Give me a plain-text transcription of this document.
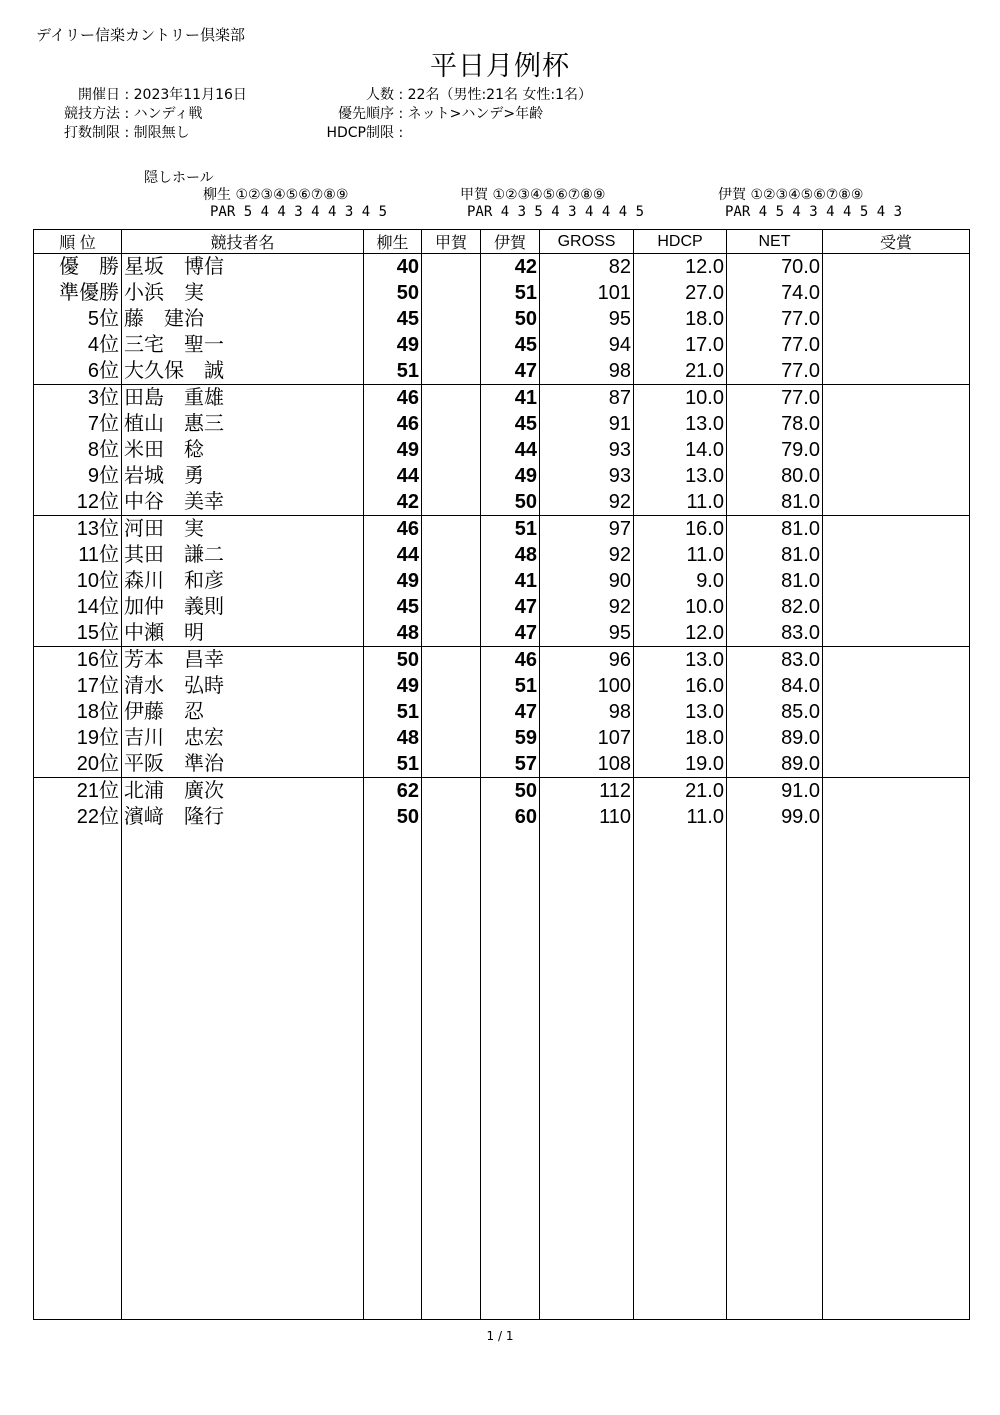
デイリー信楽カントリー倶楽部
平日月例杯
開催日 : 2023年11月16日
競技方法 : ハンディ戦
打数制限 : 制限無し
人数 : 22名（男性:21名 女性:1名）
優先順序 : ネット>ハンデ>年齢
HDCP制限 :
隠しホール
柳生 ①②③④⑤⑥⑦⑧⑨
PAR 5 4 4 3 4 4 3 4 5
甲賀 ①②③④⑤⑥⑦⑧⑨
PAR 4 3 5 4 3 4 4 4 5
伊賀 ①②③④⑤⑥⑦⑧⑨
PAR 4 5 4 3 4 4 5 4 3
順 位	競技者名	柳生	甲賀	伊賀	GROSS	HDCP	NET	受賞
優　勝	星坂　博信	40		42	82	12.0	70.0	
準優勝	小浜　実	50		51	101	27.0	74.0	
5位	藤　建治	45		50	95	18.0	77.0	
4位	三宅　聖一	49		45	94	17.0	77.0	
6位	大久保　誠	51		47	98	21.0	77.0	
3位	田島　重雄	46		41	87	10.0	77.0	
7位	植山　惠三	46		45	91	13.0	78.0	
8位	米田　稔	49		44	93	14.0	79.0	
9位	岩城　勇	44		49	93	13.0	80.0	
12位	中谷　美幸	42		50	92	11.0	81.0	
13位	河田　実	46		51	97	16.0	81.0	
11位	其田　謙二	44		48	92	11.0	81.0	
10位	森川　和彦	49		41	90	9.0	81.0	
14位	加仲　義則	45		47	92	10.0	82.0	
15位	中瀬　明	48		47	95	12.0	83.0	
16位	芳本　昌幸	50		46	96	13.0	83.0	
17位	清水　弘時	49		51	100	16.0	84.0	
18位	伊藤　忍	51		47	98	13.0	85.0	
19位	吉川　忠宏	48		59	107	18.0	89.0	
20位	平阪　準治	51		57	108	19.0	89.0	
21位	北浦　廣次	62		50	112	21.0	91.0	
22位	濱﨑　隆行	50		60	110	11.0	99.0	

1 / 1
